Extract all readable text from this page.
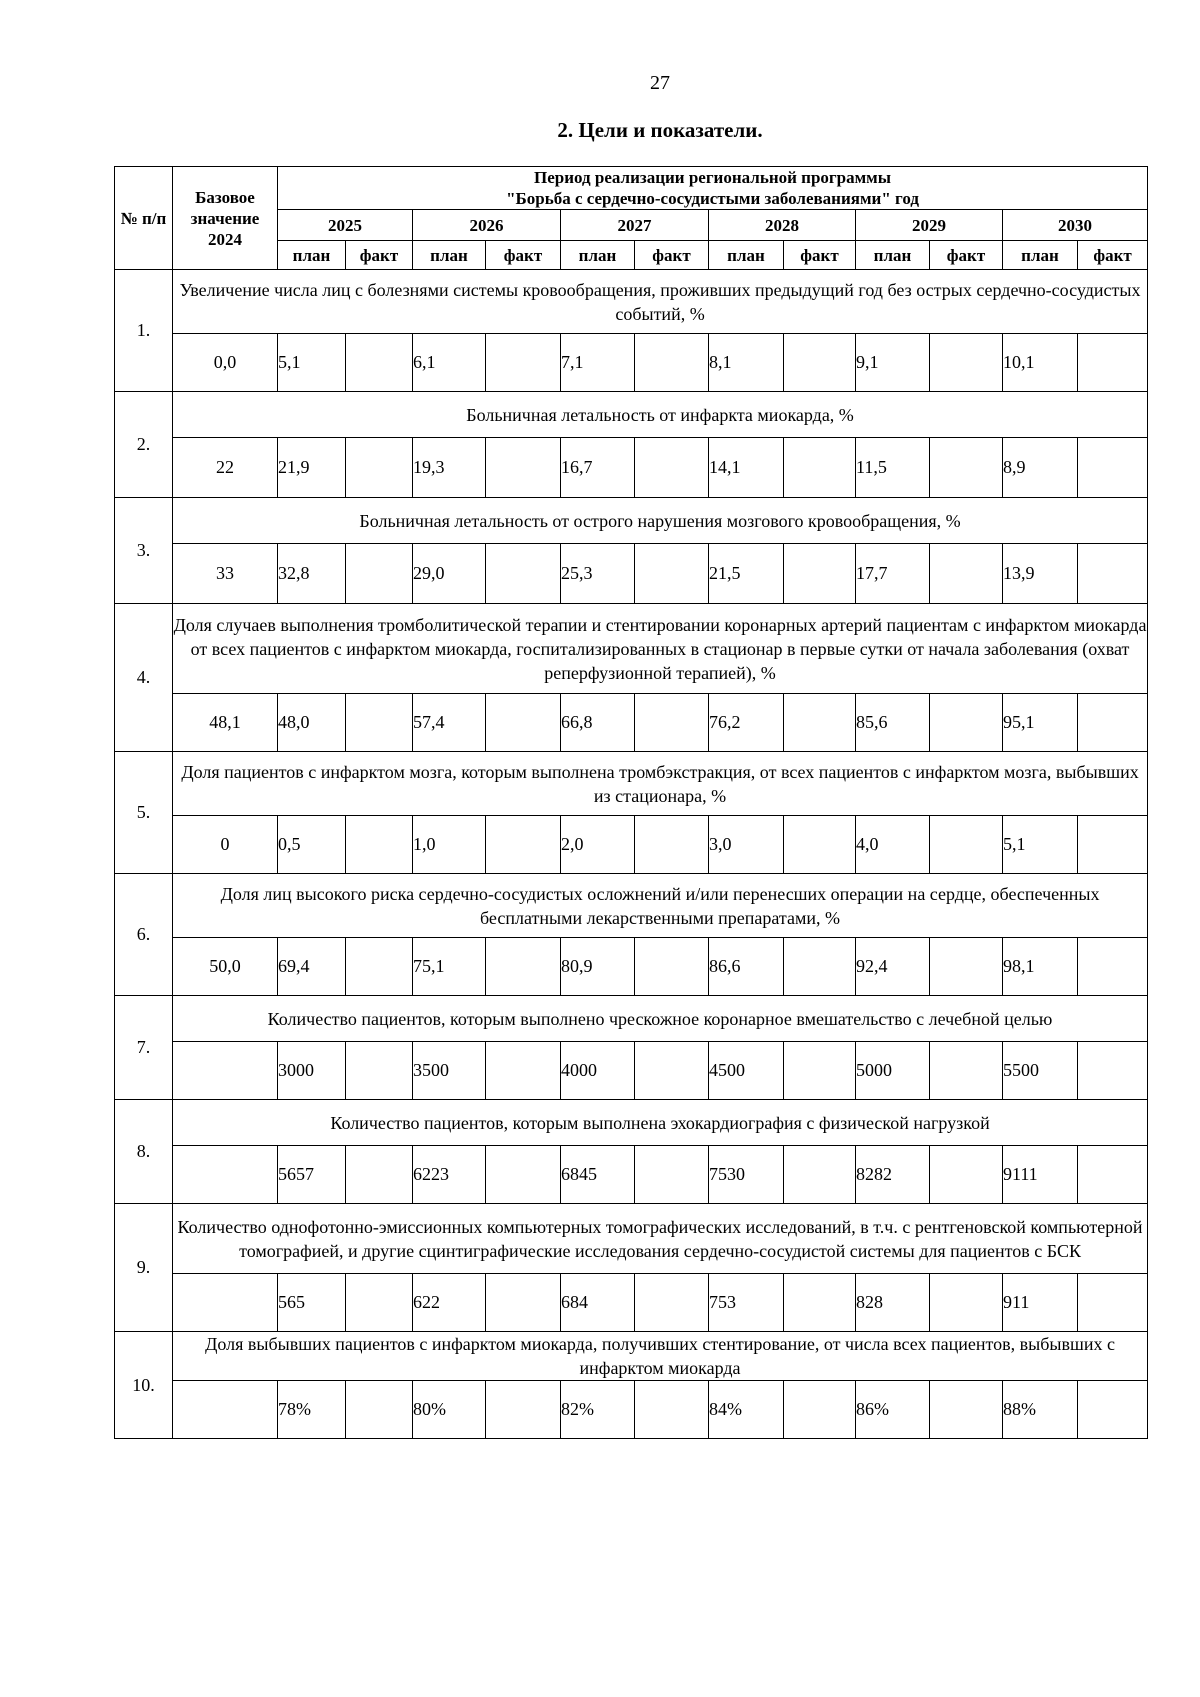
27
2. Цели и показатели.
№ п/п	Базовое значение 2024	Период реализации региональной программы
"Борьба с сердечно-сосудистыми заболеваниями" год											

		2025		2026		2027		2028		2029		2030	
		план	факт	план	факт	план	факт	план	факт	план	факт	план	факт
1.	Увеличение числа лиц с болезнями системы кровообращения, проживших предыдущий год без острых сердечно-сосудистых событий, %												
	0,0	5,1		6,1		7,1		8,1		9,1		10,1	
2.	Больничная летальность от инфаркта миокарда, %												
	22	21,9		19,3		16,7		14,1		11,5		8,9	
3.	Больничная летальность от острого нарушения мозгового кровообращения, %												
	33	32,8		29,0		25,3		21,5		17,7		13,9	
4.	Доля случаев выполнения тромболитической терапии и стентировании коронарных артерий пациентам с инфарктом миокарда от всех пациентов с инфарктом миокарда, госпитализированных в стационар в первые сутки от начала заболевания (охват реперфузионной терапией), %												
	48,1	48,0		57,4		66,8		76,2		85,6		95,1	
5.	Доля пациентов с инфарктом мозга, которым выполнена тромбэкстракция, от всех пациентов с инфарктом мозга, выбывших из стационара, %												
	0	0,5		1,0		2,0		3,0		4,0		5,1	
6.	Доля лиц высокого риска сердечно-сосудистых осложнений и/или перенесших операции на сердце, обеспеченных бесплатными лекарственными препаратами, %												
	50,0	69,4		75,1		80,9		86,6		92,4		98,1	
7.	Количество пациентов, которым выполнено чрескожное коронарное вмешательство с лечебной целью												
		3000		3500		4000		4500		5000		5500	
8.	Количество пациентов, которым выполнена эхокардиография с физической нагрузкой												
		5657		6223		6845		7530		8282		9111	
9.	Количество однофотонно-эмиссионных компьютерных томографических исследований, в т.ч. с рентгеновской компьютерной томографией, и другие сцинтиграфические исследования сердечно-сосудистой системы для пациентов с БСК												
		565		622		684		753		828		911	
10.	Доля выбывших пациентов с инфарктом миокарда, получивших стентирование, от числа всех пациентов, выбывших с инфарктом миокарда												
		78%		80%		82%		84%		86%		88%	
